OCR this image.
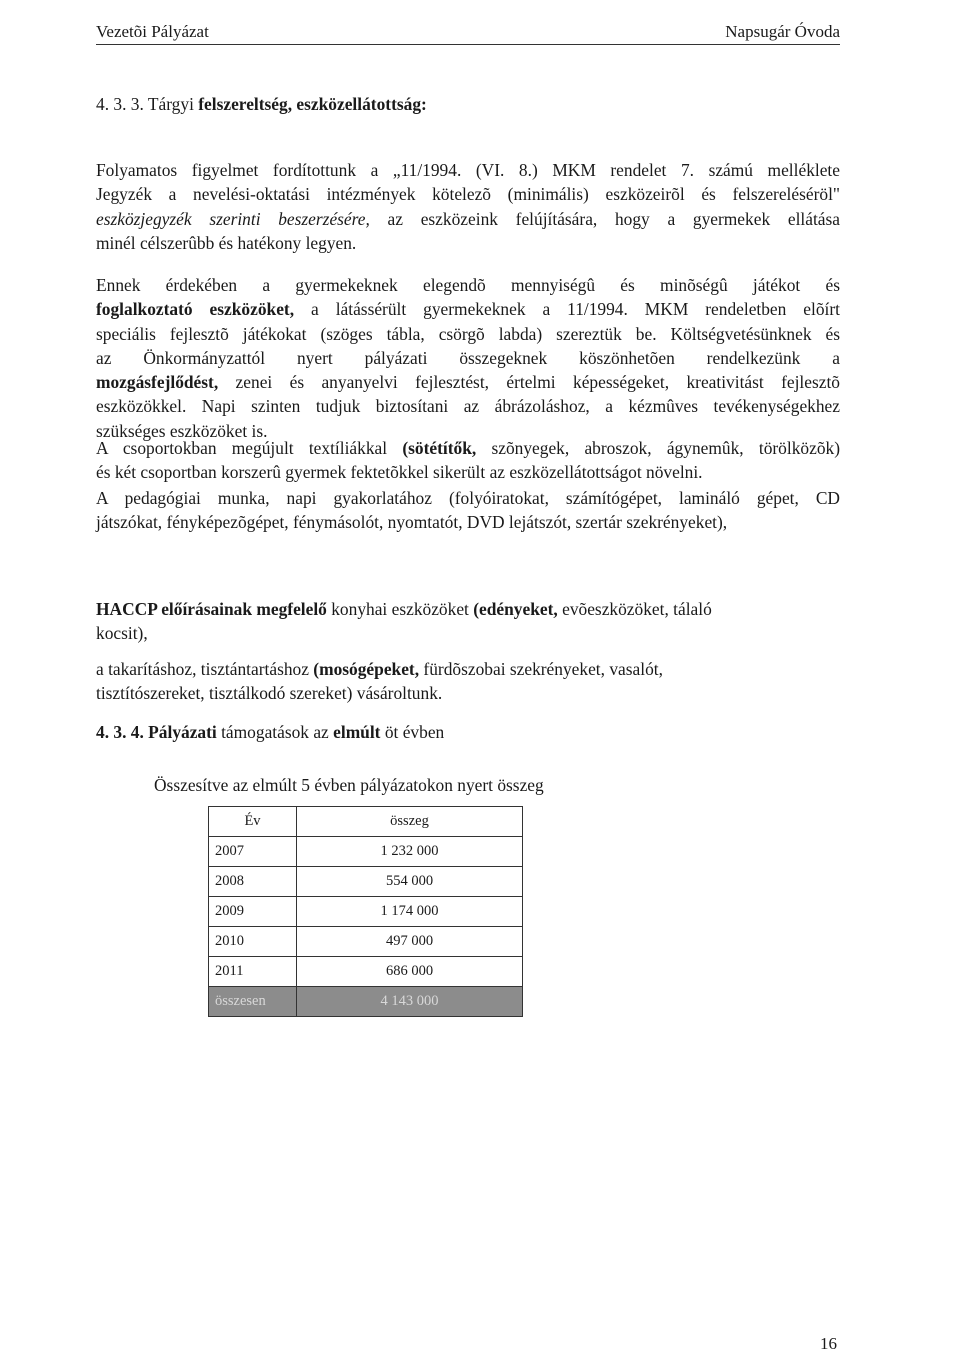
Vezetõi Pályázat	Napsugár Óvoda
4. 3. 3. Tárgyi felszereltség, eszközellátottság:
Folyamatos figyelmet fordítottunk a „11/1994. (VI. 8.) MKM rendelet 7. számú melléklete
Jegyzék a nevelési-oktatási intézmények kötelezõ (minimális) eszközeirõl és felszereléséröl"
eszközjegyzék szerinti beszerzésére, az eszközeink felújítására, hogy a gyermekek ellátása
minél célszerûbb és hatékony legyen.
Ennek érdekében a gyermekeknek elegendõ mennyiségû és minõségû játékot és
foglalkoztató eszközöket, a látássérült gyermekeknek a 11/1994. MKM rendeletben elõírt
speciális fejlesztõ játékokat (szöges tábla, csörgõ labda) szereztük be. Költségvetésünknek és
az Önkormányzattól nyert pályázati összegeknek köszönhetõen rendelkezünk a
mozgásfejlődést, zenei és anyanyelvi fejlesztést, értelmi képességeket, kreativitást fejlesztõ
eszközökkel. Napi szinten tudjuk biztosítani az ábrázoláshoz, a kézmûves tevékenységekhez
szükséges eszközöket is.
A csoportokban megújult textíliákkal (sötétítők, szõnyegek, abroszok, ágynemûk, törölközõk)
és két csoportban korszerû gyermek fektetõkkel sikerült az eszközellátottságot növelni.
A pedagógiai munka, napi gyakorlatához (folyóiratokat, számítógépet, lamináló gépet, CD
játszókat, fényképezõgépet, fénymásolót, nyomtatót, DVD lejátszót, szertár szekrényeket),
HACCP előírásainak megfelelő konyhai eszközöket (edényeket, evõeszközöket, tálaló
kocsit),
a takarításhoz, tisztántartáshoz (mosógépeket, fürdõszobai szekrényeket, vasalót,
tisztítószereket, tisztálkodó szereket) vásároltunk.
4. 3. 4. Pályázati támogatások az elmúlt öt évben
Összesítve az elmúlt 5 évben pályázatokon nyert összeg
Év	összeg
2007	1 232 000
2008	554 000
2009	1 174 000
2010	497 000
2011	686 000
összesen	4 143 000
16
